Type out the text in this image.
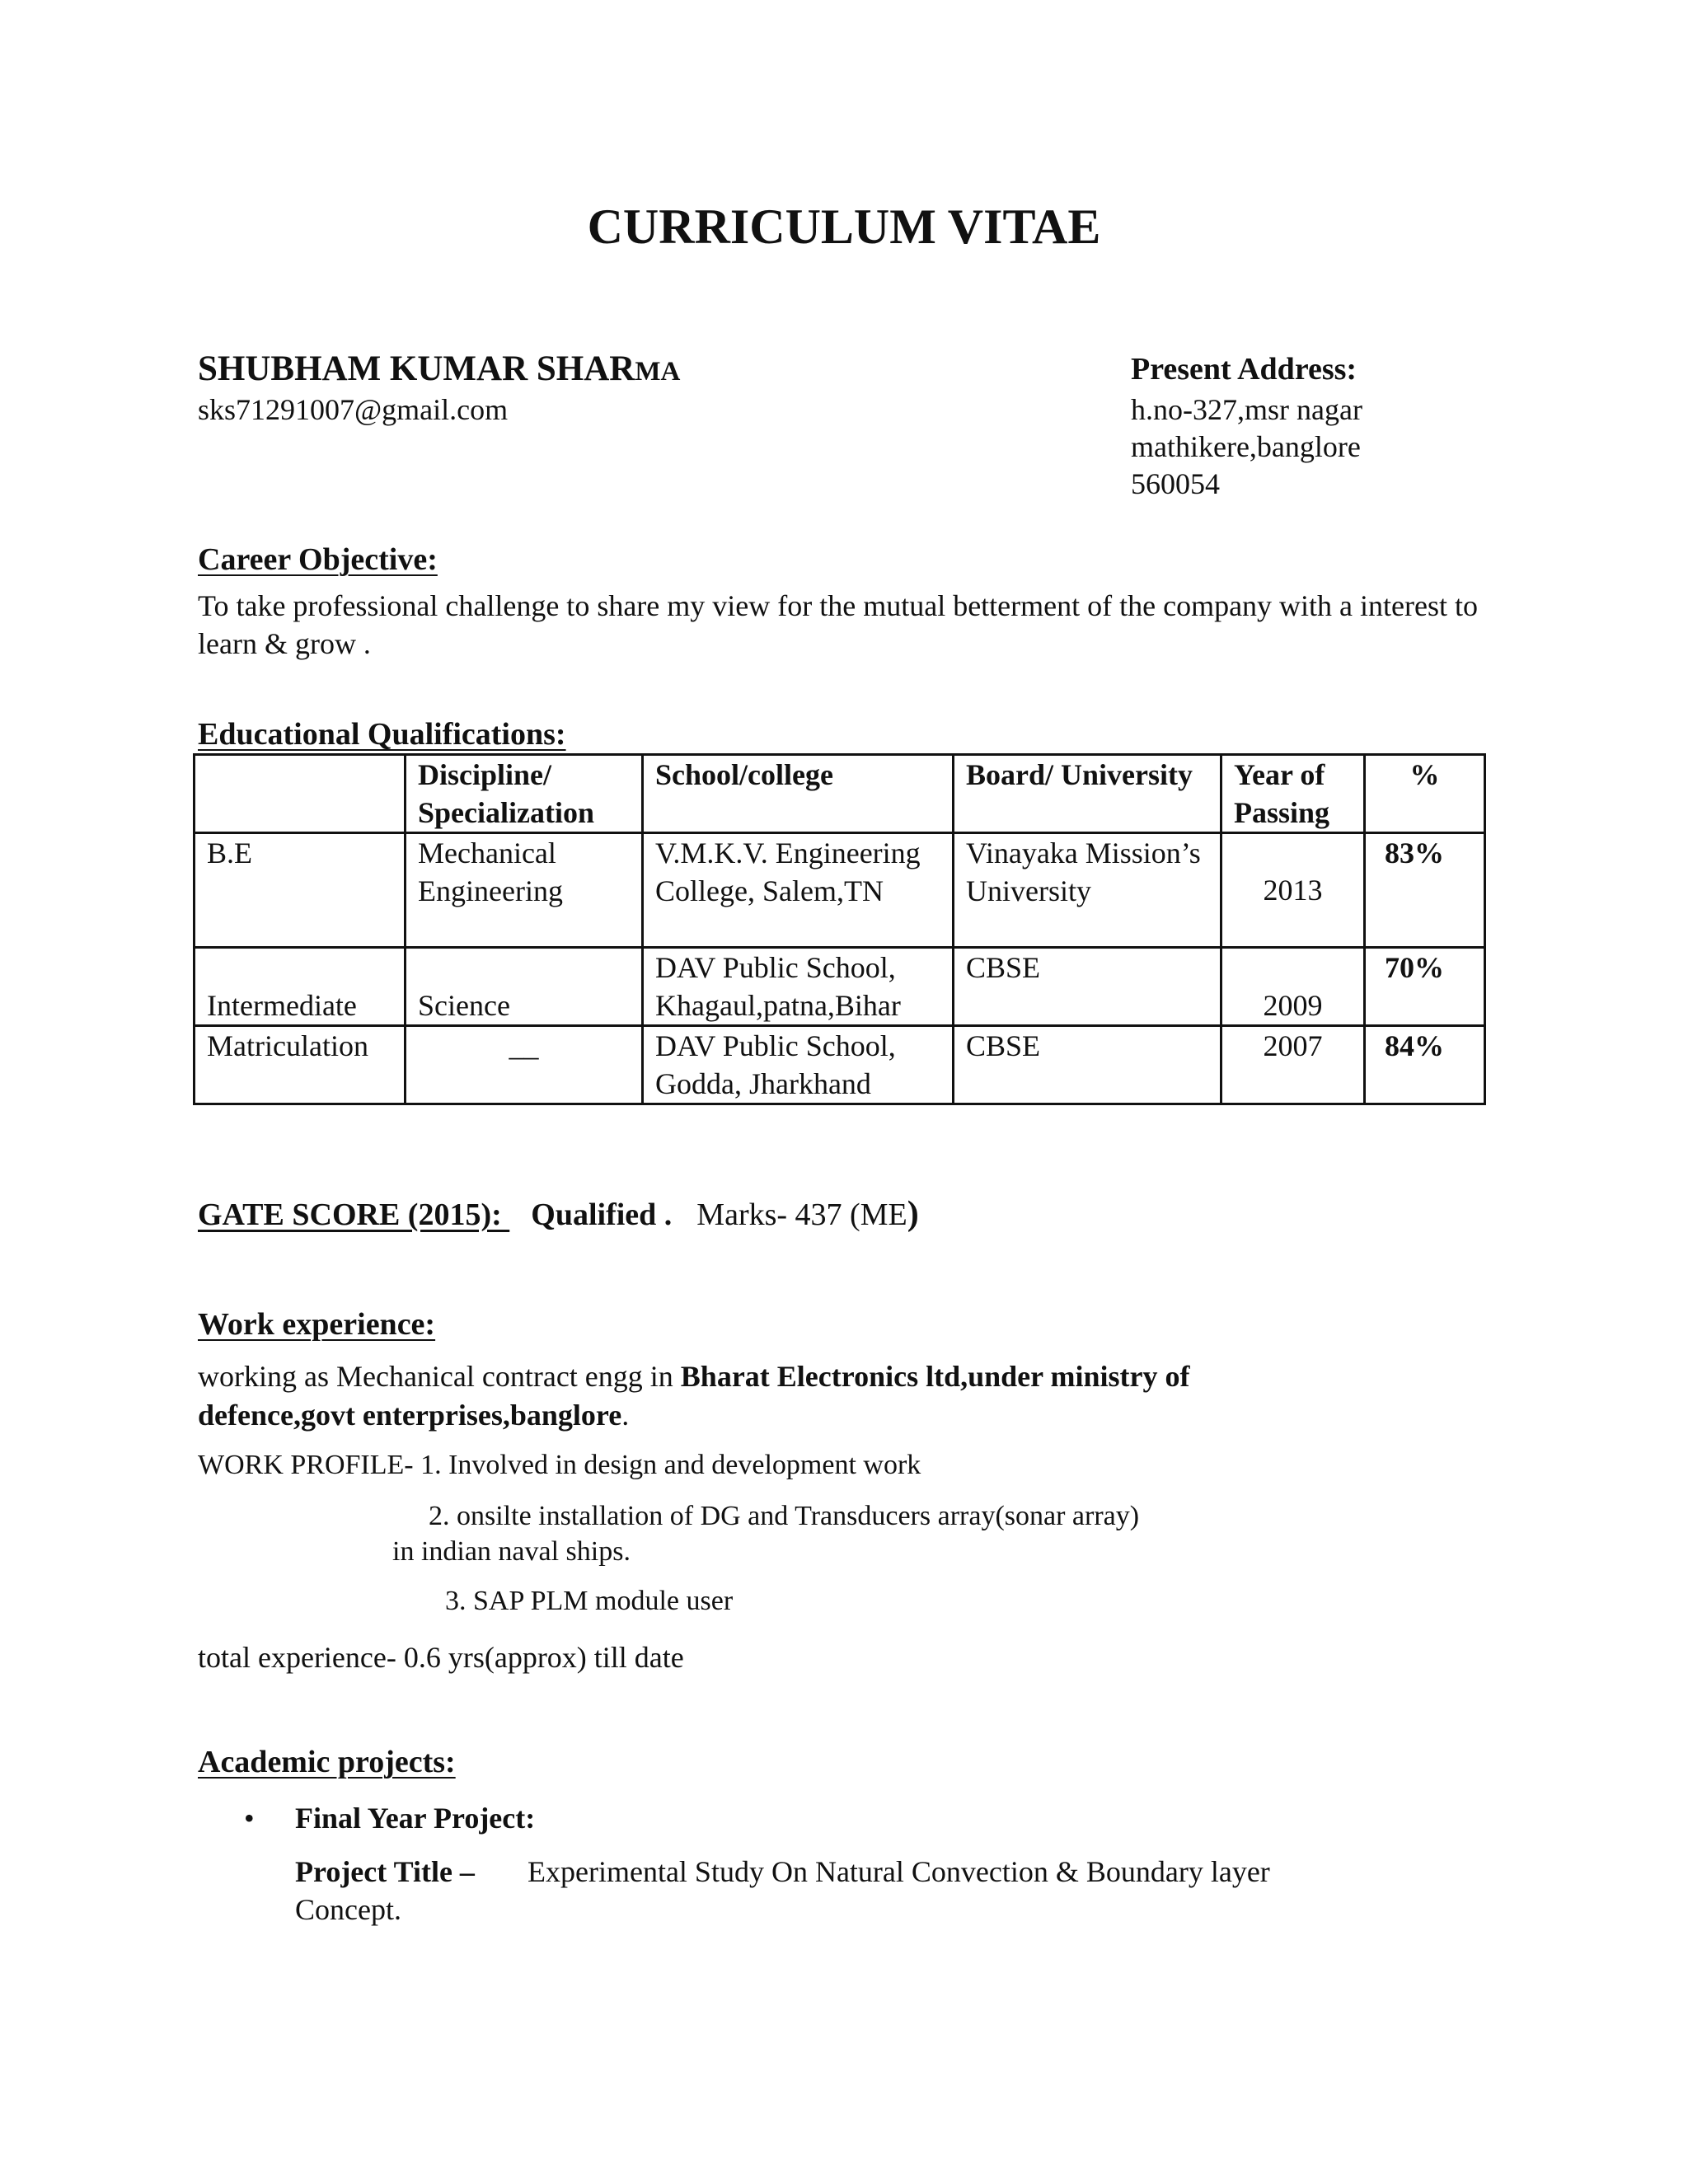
CURRICULUM VITAE
SHUBHAM KUMAR SHARMA
sks71291007@gmail.com
Present Address:
h.no-327,msr nagar
mathikere,banglore
560054
Career Objective:
To take professional challenge to share my view for the mutual betterment of the company with a interest to learn & grow .
Educational Qualifications:
	Discipline/ Specialization	School/college	Board/ University	Year of Passing	%
B.E	Mechanical Engineering	V.M.K.V. Engineering College, Salem,TN	Vinayaka Mission’s University	2013	83%
Intermediate	Science	DAV Public School, Khagaul,patna,Bihar	CBSE	2009	70%
Matriculation	__	DAV Public School, Godda, Jharkhand	CBSE	2007	84%
GATE SCORE (2015): Qualified . Marks- 437 (ME)
Work experience:
working as Mechanical contract engg in Bharat Electronics ltd,under ministry of
defence,govt enterprises,banglore.
WORK PROFILE- 1. Involved in design and development work
2. onsilte installation of DG and Transducers array(sonar array)
in indian naval ships.
3. SAP PLM module user
total experience- 0.6 yrs(approx) till date
Academic projects:
• Final Year Project:
Project Title – Experimental Study On Natural Convection & Boundary layer
Concept.
